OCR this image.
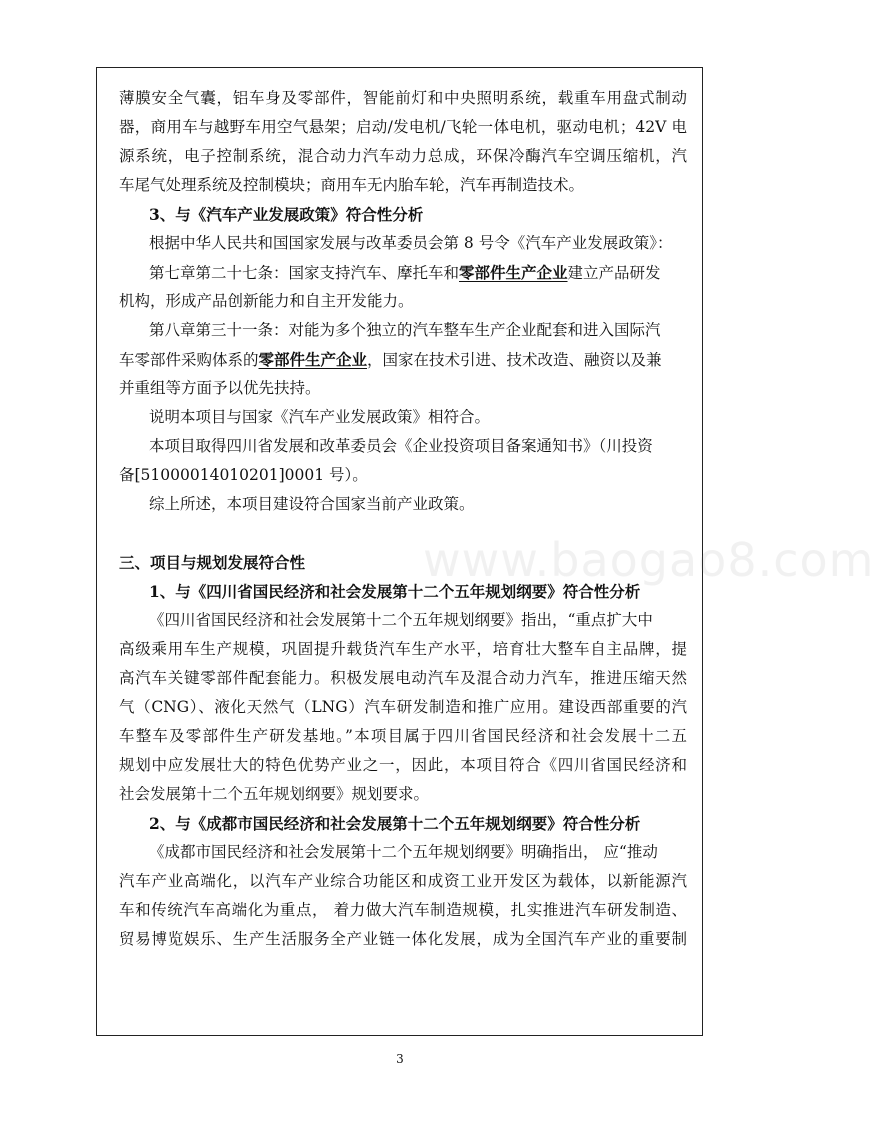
www.baogao8.com
薄膜安全气囊，铝车身及零部件，智能前灯和中央照明系统，载重车用盘式制动
器，商用车与越野车用空气悬架；启动/发电机/飞轮一体电机，驱动电机；42V 电
源系统，电子控制系统，混合动力汽车动力总成，环保冷酶汽车空调压缩机，汽
车尾气处理系统及控制模块；商用车无内胎车轮，汽车再制造技术。
3、与《汽车产业发展政策》符合性分析
根据中华人民共和国国家发展与改革委员会第 8 号令《汽车产业发展政策》：
第七章第二十七条：国家支持汽车、摩托车和零部件生产企业建立产品研发
机构，形成产品创新能力和自主开发能力。
第八章第三十一条：对能为多个独立的汽车整车生产企业配套和进入国际汽
车零部件采购体系的零部件生产企业，国家在技术引进、技术改造、融资以及兼
并重组等方面予以优先扶持。
说明本项目与国家《汽车产业发展政策》相符合。
本项目取得四川省发展和改革委员会《企业投资项目备案通知书》（川投资
备[51000014010201]0001 号）。
综上所述，本项目建设符合国家当前产业政策。
三、项目与规划发展符合性
1、与《四川省国民经济和社会发展第十二个五年规划纲要》符合性分析
《四川省国民经济和社会发展第十二个五年规划纲要》指出，“重点扩大中
高级乘用车生产规模，巩固提升载货汽车生产水平，培育壮大整车自主品牌，提
高汽车关键零部件配套能力。积极发展电动汽车及混合动力汽车，推进压缩天然
气（CNG）、液化天然气（LNG）汽车研发制造和推广应用。建设西部重要的汽
车整车及零部件生产研发基地。”本项目属于四川省国民经济和社会发展十二五
规划中应发展壮大的特色优势产业之一，因此，本项目符合《四川省国民经济和
社会发展第十二个五年规划纲要》规划要求。
2、与《成都市国民经济和社会发展第十二个五年规划纲要》符合性分析
《成都市国民经济和社会发展第十二个五年规划纲要》明确指出， 应“推动
汽车产业高端化，以汽车产业综合功能区和成资工业开发区为载体，以新能源汽
车和传统汽车高端化为重点， 着力做大汽车制造规模，扎实推进汽车研发制造、
贸易博览娱乐、生产生活服务全产业链一体化发展，成为全国汽车产业的重要制
3
